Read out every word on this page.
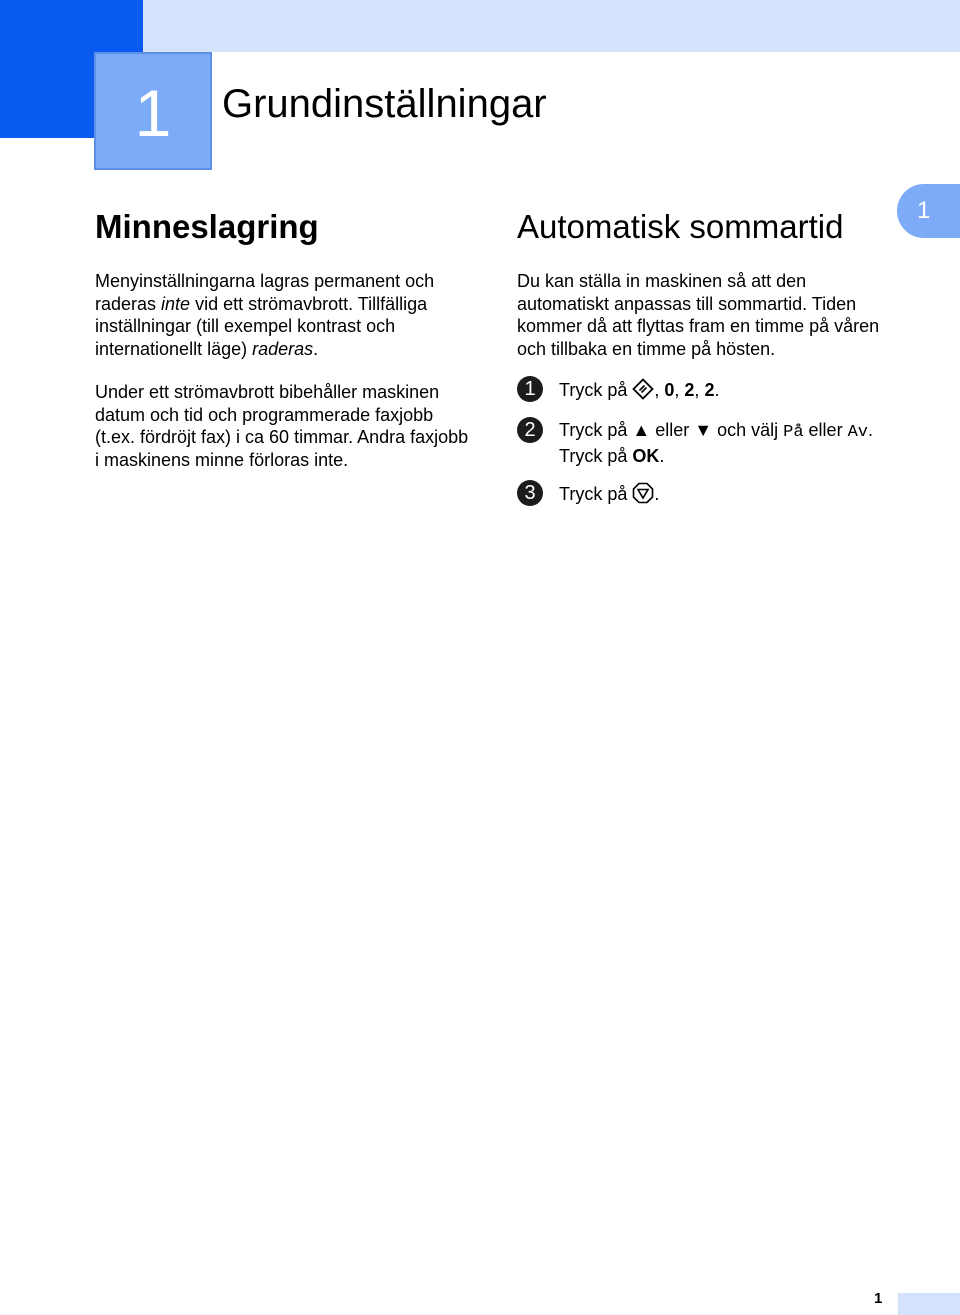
1	Grundinställningar
1
Minneslagring

Menyinställningarna lagras permanent och raderas inte vid ett strömavbrott. Tillfälliga inställningar (till exempel kontrast och internationellt läge) raderas.

Under ett strömavbrott bibehåller maskinen datum och tid och programmerade faxjobb (t.ex. fördröjt fax) i ca 60 timmar. Andra faxjobb i maskinens minne förloras inte.

Automatisk sommartid

Du kan ställa in maskinen så att den automatiskt anpassas till sommartid. Tiden kommer då att flyttas fram en timme på våren och tillbaka en timme på hösten.

1	Tryck på , 0, 2, 2.
2	Tryck på ▲ eller ▼ och välj På eller Av.
Tryck på OK.
3	Tryck på .
1
